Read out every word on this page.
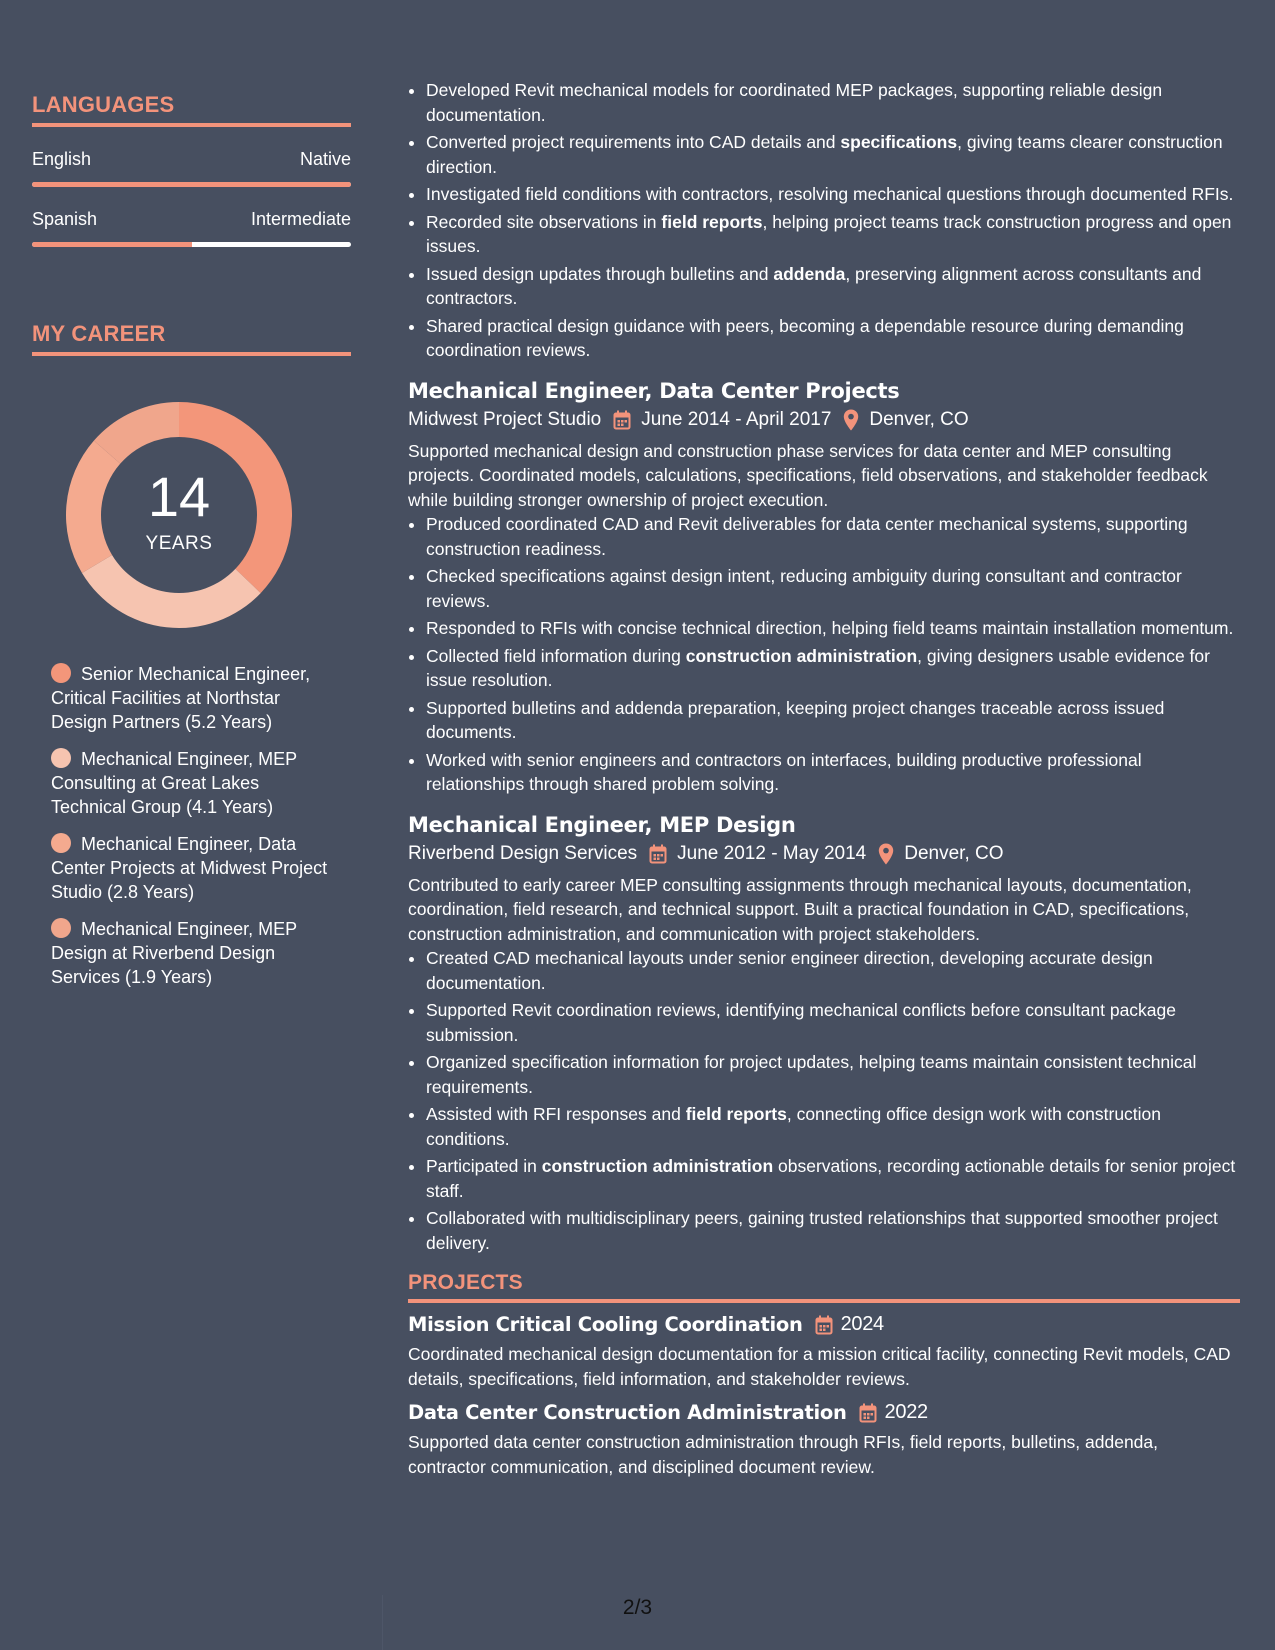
LANGUAGES
English	Native
Spanish	Intermediate
MY CAREER
14
YEARS
Senior Mechanical Engineer, Critical Facilities at Northstar Design Partners (5.2 Years)
Mechanical Engineer, MEP Consulting at Great Lakes Technical Group (4.1 Years)
Mechanical Engineer, Data Center Projects at Midwest Project Studio (2.8 Years)
Mechanical Engineer, MEP Design at Riverbend Design Services (1.9 Years)
• Developed Revit mechanical models for coordinated MEP packages, supporting reliable design documentation.
• Converted project requirements into CAD details and specifications, giving teams clearer construction direction.
• Investigated field conditions with contractors, resolving mechanical questions through documented RFIs.
• Recorded site observations in field reports, helping project teams track construction progress and open issues.
• Issued design updates through bulletins and addenda, preserving alignment across consultants and contractors.
• Shared practical design guidance with peers, becoming a dependable resource during demanding coordination reviews.
Mechanical Engineer, Data Center Projects
Midwest Project Studio June 2014 - April 2017 Denver, CO
Supported mechanical design and construction phase services for data center and MEP consulting projects. Coordinated models, calculations, specifications, field observations, and stakeholder feedback while building stronger ownership of project execution.
• Produced coordinated CAD and Revit deliverables for data center mechanical systems, supporting construction readiness.
• Checked specifications against design intent, reducing ambiguity during consultant and contractor reviews.
• Responded to RFIs with concise technical direction, helping field teams maintain installation momentum.
• Collected field information during construction administration, giving designers usable evidence for issue resolution.
• Supported bulletins and addenda preparation, keeping project changes traceable across issued documents.
• Worked with senior engineers and contractors on interfaces, building productive professional relationships through shared problem solving.
Mechanical Engineer, MEP Design
Riverbend Design Services June 2012 - May 2014 Denver, CO
Contributed to early career MEP consulting assignments through mechanical layouts, documentation, coordination, field research, and technical support. Built a practical foundation in CAD, specifications, construction administration, and communication with project stakeholders.
• Created CAD mechanical layouts under senior engineer direction, developing accurate design documentation.
• Supported Revit coordination reviews, identifying mechanical conflicts before consultant package submission.
• Organized specification information for project updates, helping teams maintain consistent technical requirements.
• Assisted with RFI responses and field reports, connecting office design work with construction conditions.
• Participated in construction administration observations, recording actionable details for senior project staff.
• Collaborated with multidisciplinary peers, gaining trusted relationships that supported smoother project delivery.
PROJECTS
Mission Critical Cooling Coordination 2024
Coordinated mechanical design documentation for a mission critical facility, connecting Revit models, CAD details, specifications, field information, and stakeholder reviews.
Data Center Construction Administration 2022
Supported data center construction administration through RFIs, field reports, bulletins, addenda, contractor communication, and disciplined document review.
2/3
